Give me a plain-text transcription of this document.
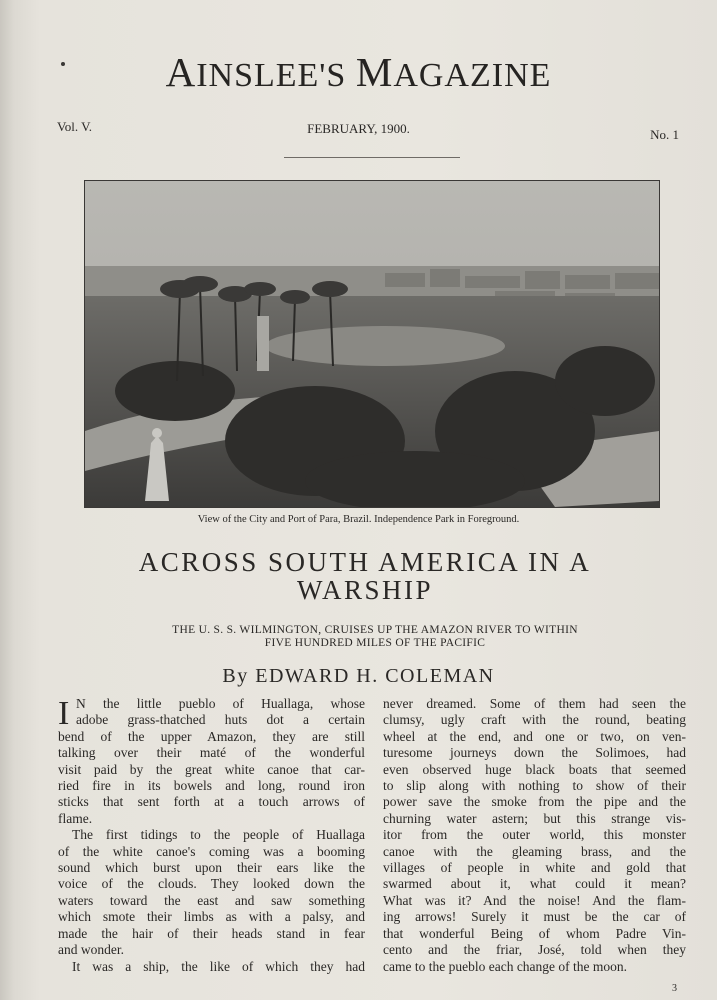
AINSLEE'S MAGAZINE
Vol. V.	FEBRUARY, 1900.	No. 1
View of the City and Port of Para, Brazil. Independence Park in Foreground.
ACROSS SOUTH AMERICA IN A
WARSHIP
THE U. S. S. WILMINGTON, CRUISES UP THE AMAZON RIVER TO WITHIN
FIVE HUNDRED MILES OF THE PACIFIC
By EDWARD H. COLEMAN
I N the little pueblo of Huallaga, whose
adobe grass-thatched huts dot a certain
bend of the upper Amazon, they are still
talking over their maté of the wonderful
visit paid by the great white canoe that car-
ried fire in its bowels and long, round iron
sticks that sent forth at a touch arrows of
flame.
The first tidings to the people of Huallaga
of the white canoe's coming was a booming
sound which burst upon their ears like the
voice of the clouds. They looked down the
waters toward the east and saw something
which smote their limbs as with a palsy, and
made the hair of their heads stand in fear
and wonder.
It was a ship, the like of which they had
never dreamed. Some of them had seen the
clumsy, ugly craft with the round, beating
wheel at the end, and one or two, on ven-
turesome journeys down the Solimoes, had
even observed huge black boats that seemed
to slip along with nothing to show of their
power save the smoke from the pipe and the
churning water astern; but this strange vis-
itor from the outer world, this monster
canoe with the gleaming brass, and the
villages of people in white and gold that
swarmed about it, what could it mean?
What was it? And the noise! And the flam-
ing arrows! Surely it must be the car of
that wonderful Being of whom Padre Vin-
cento and the friar, José, told when they
came to the pueblo each change of the moon.
3
